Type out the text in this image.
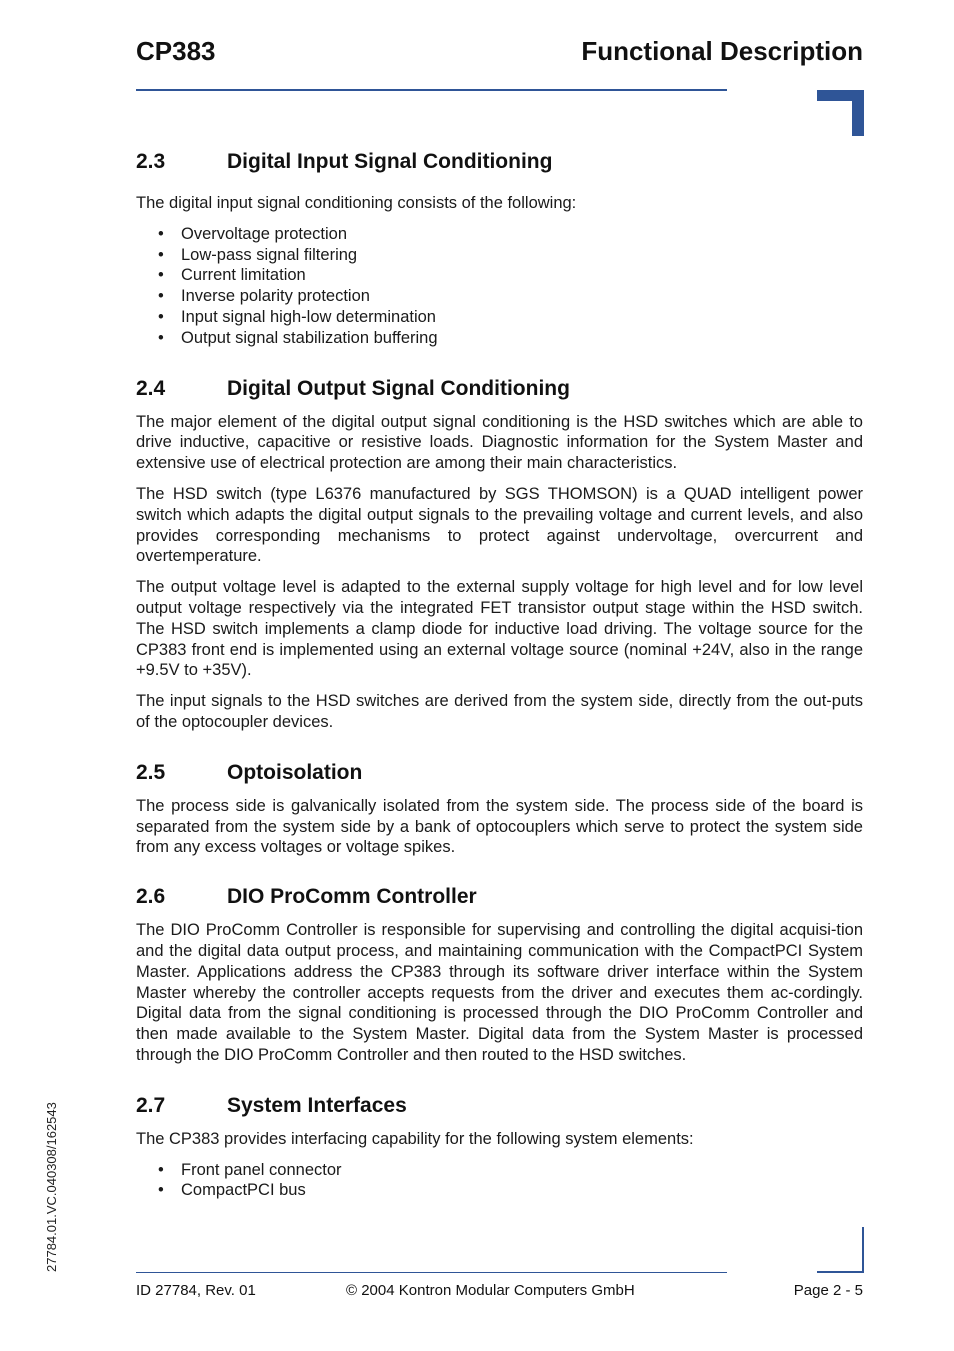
CP383	Functional Description
2.3	Digital Input Signal Conditioning

The digital input signal conditioning consists of the following:

• Overvoltage protection
• Low-pass signal filtering
• Current limitation
• Inverse polarity protection
• Input signal high-low determination
• Output signal stabilization buffering
2.4	Digital Output Signal Conditioning

The major element of the digital output signal conditioning is the HSD switches which are able to drive inductive, capacitive or resistive loads. Diagnostic information for the System Master and extensive use of electrical protection are among their main characteristics.

The HSD switch (type L6376 manufactured by SGS THOMSON) is a QUAD intelligent power switch which adapts the digital output signals to the prevailing voltage and current levels, and also provides corresponding mechanisms to protect against undervoltage, overcurrent and overtemperature.

The output voltage level is adapted to the external supply voltage for high level and for low level output voltage respectively via the integrated FET transistor output stage within the HSD switch. The HSD switch implements a clamp diode for inductive load driving. The voltage source for the CP383 front end is implemented using an external voltage source (nominal +24V, also in the range +9.5V to +35V).

The input signals to the HSD switches are derived from the system side, directly from the out-puts of the optocoupler devices.

2.5	Optoisolation

The process side is galvanically isolated from the system side. The process side of the board is separated from the system side by a bank of optocouplers which serve to protect the system side from any excess voltages or voltage spikes.

2.6	DIO ProComm Controller

The DIO ProComm Controller is responsible for supervising and controlling the digital acquisi-tion and the digital data output process, and maintaining communication with the CompactPCI System Master. Applications address the CP383 through its software driver interface within the System Master whereby the controller accepts requests from the driver and executes them ac-cordingly. Digital data from the signal conditioning is processed through the DIO ProComm Controller and then made available to the System Master. Digital data from the System Master is processed through the DIO ProComm Controller and then routed to the HSD switches.

2.7	System Interfaces

The CP383 provides interfacing capability for the following system elements:

• Front panel connector
• CompactPCI bus
27784.01.VC.040308/162543
ID 27784, Rev. 01	© 2004 Kontron Modular Computers GmbH	Page 2 - 5
